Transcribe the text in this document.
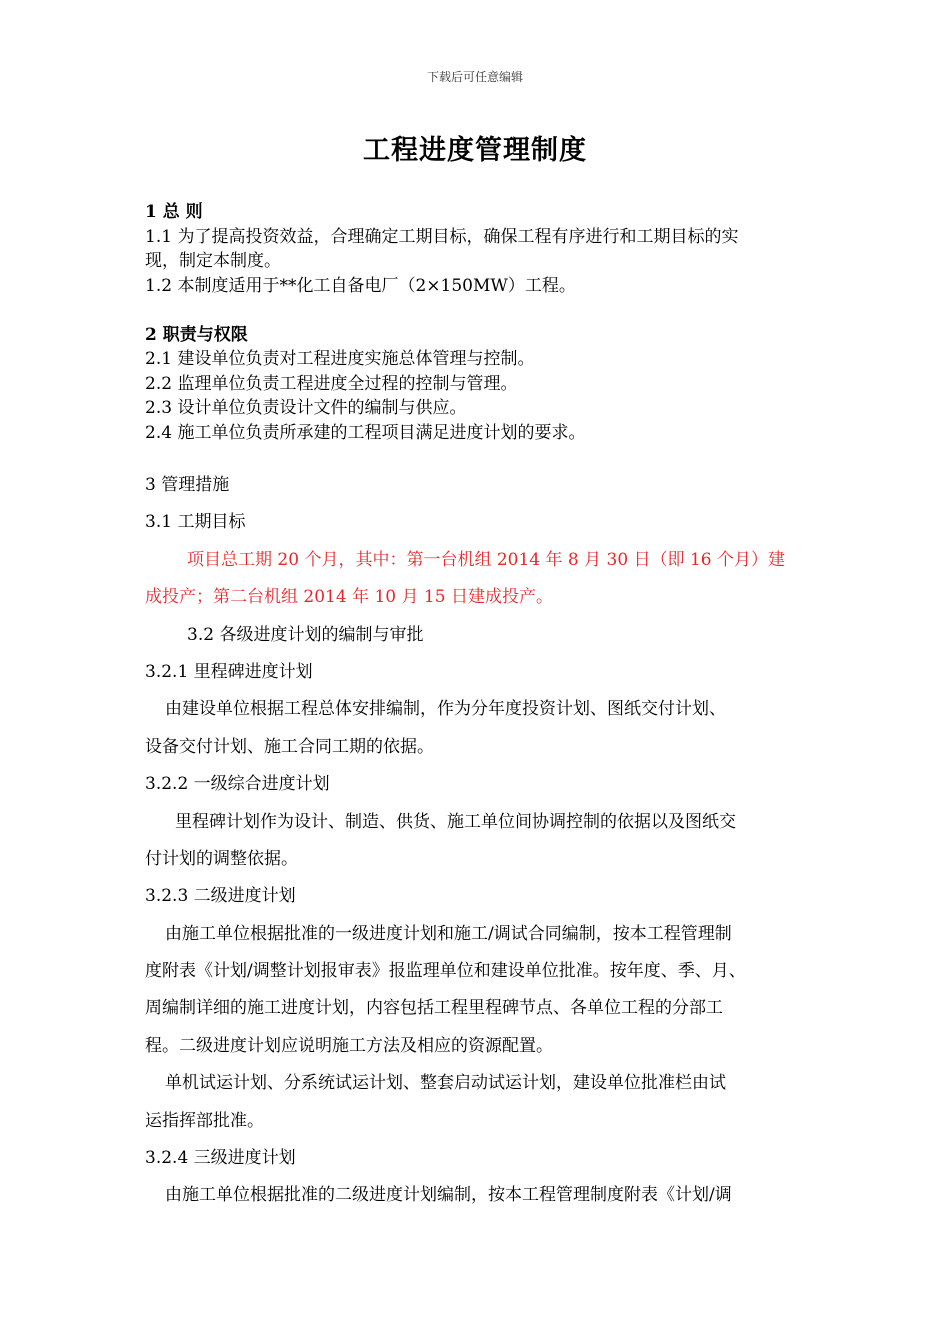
下载后可任意编辑
工程进度管理制度

1 总 则

1.1 为了提高投资效益，合理确定工期目标，确保工程有序进行和工期目标的实

现，制定本制度。

1.2 本制度适用于**化工自备电厂（2×150MW）工程。

2 职责与权限

2.1 建设单位负责对工程进度实施总体管理与控制。

2.2 监理单位负责工程进度全过程的控制与管理。

2.3 设计单位负责设计文件的编制与供应。

2.4 施工单位负责所承建的工程项目满足进度计划的要求。

3 管理措施

3.1 工期目标

项目总工期 20 个月，其中：第一台机组 2014 年 8 月 30 日（即 16 个月）建

成投产；第二台机组 2014 年 10 月 15 日建成投产。

3.2 各级进度计划的编制与审批

3.2.1 里程碑进度计划

由建设单位根据工程总体安排编制，作为分年度投资计划、图纸交付计划、

设备交付计划、施工合同工期的依据。

3.2.2 一级综合进度计划

里程碑计划作为设计、制造、供货、施工单位间协调控制的依据以及图纸交

付计划的调整依据。

3.2.3 二级进度计划

由施工单位根据批准的一级进度计划和施工/调试合同编制，按本工程管理制

度附表《计划/调整计划报审表》报监理单位和建设单位批准。按年度、季、月、

周编制详细的施工进度计划，内容包括工程里程碑节点、各单位工程的分部工

程。二级进度计划应说明施工方法及相应的资源配置。

单机试运计划、分系统试运计划、整套启动试运计划，建设单位批准栏由试

运指挥部批准。

3.2.4 三级进度计划

由施工单位根据批准的二级进度计划编制，按本工程管理制度附表《计划/调
